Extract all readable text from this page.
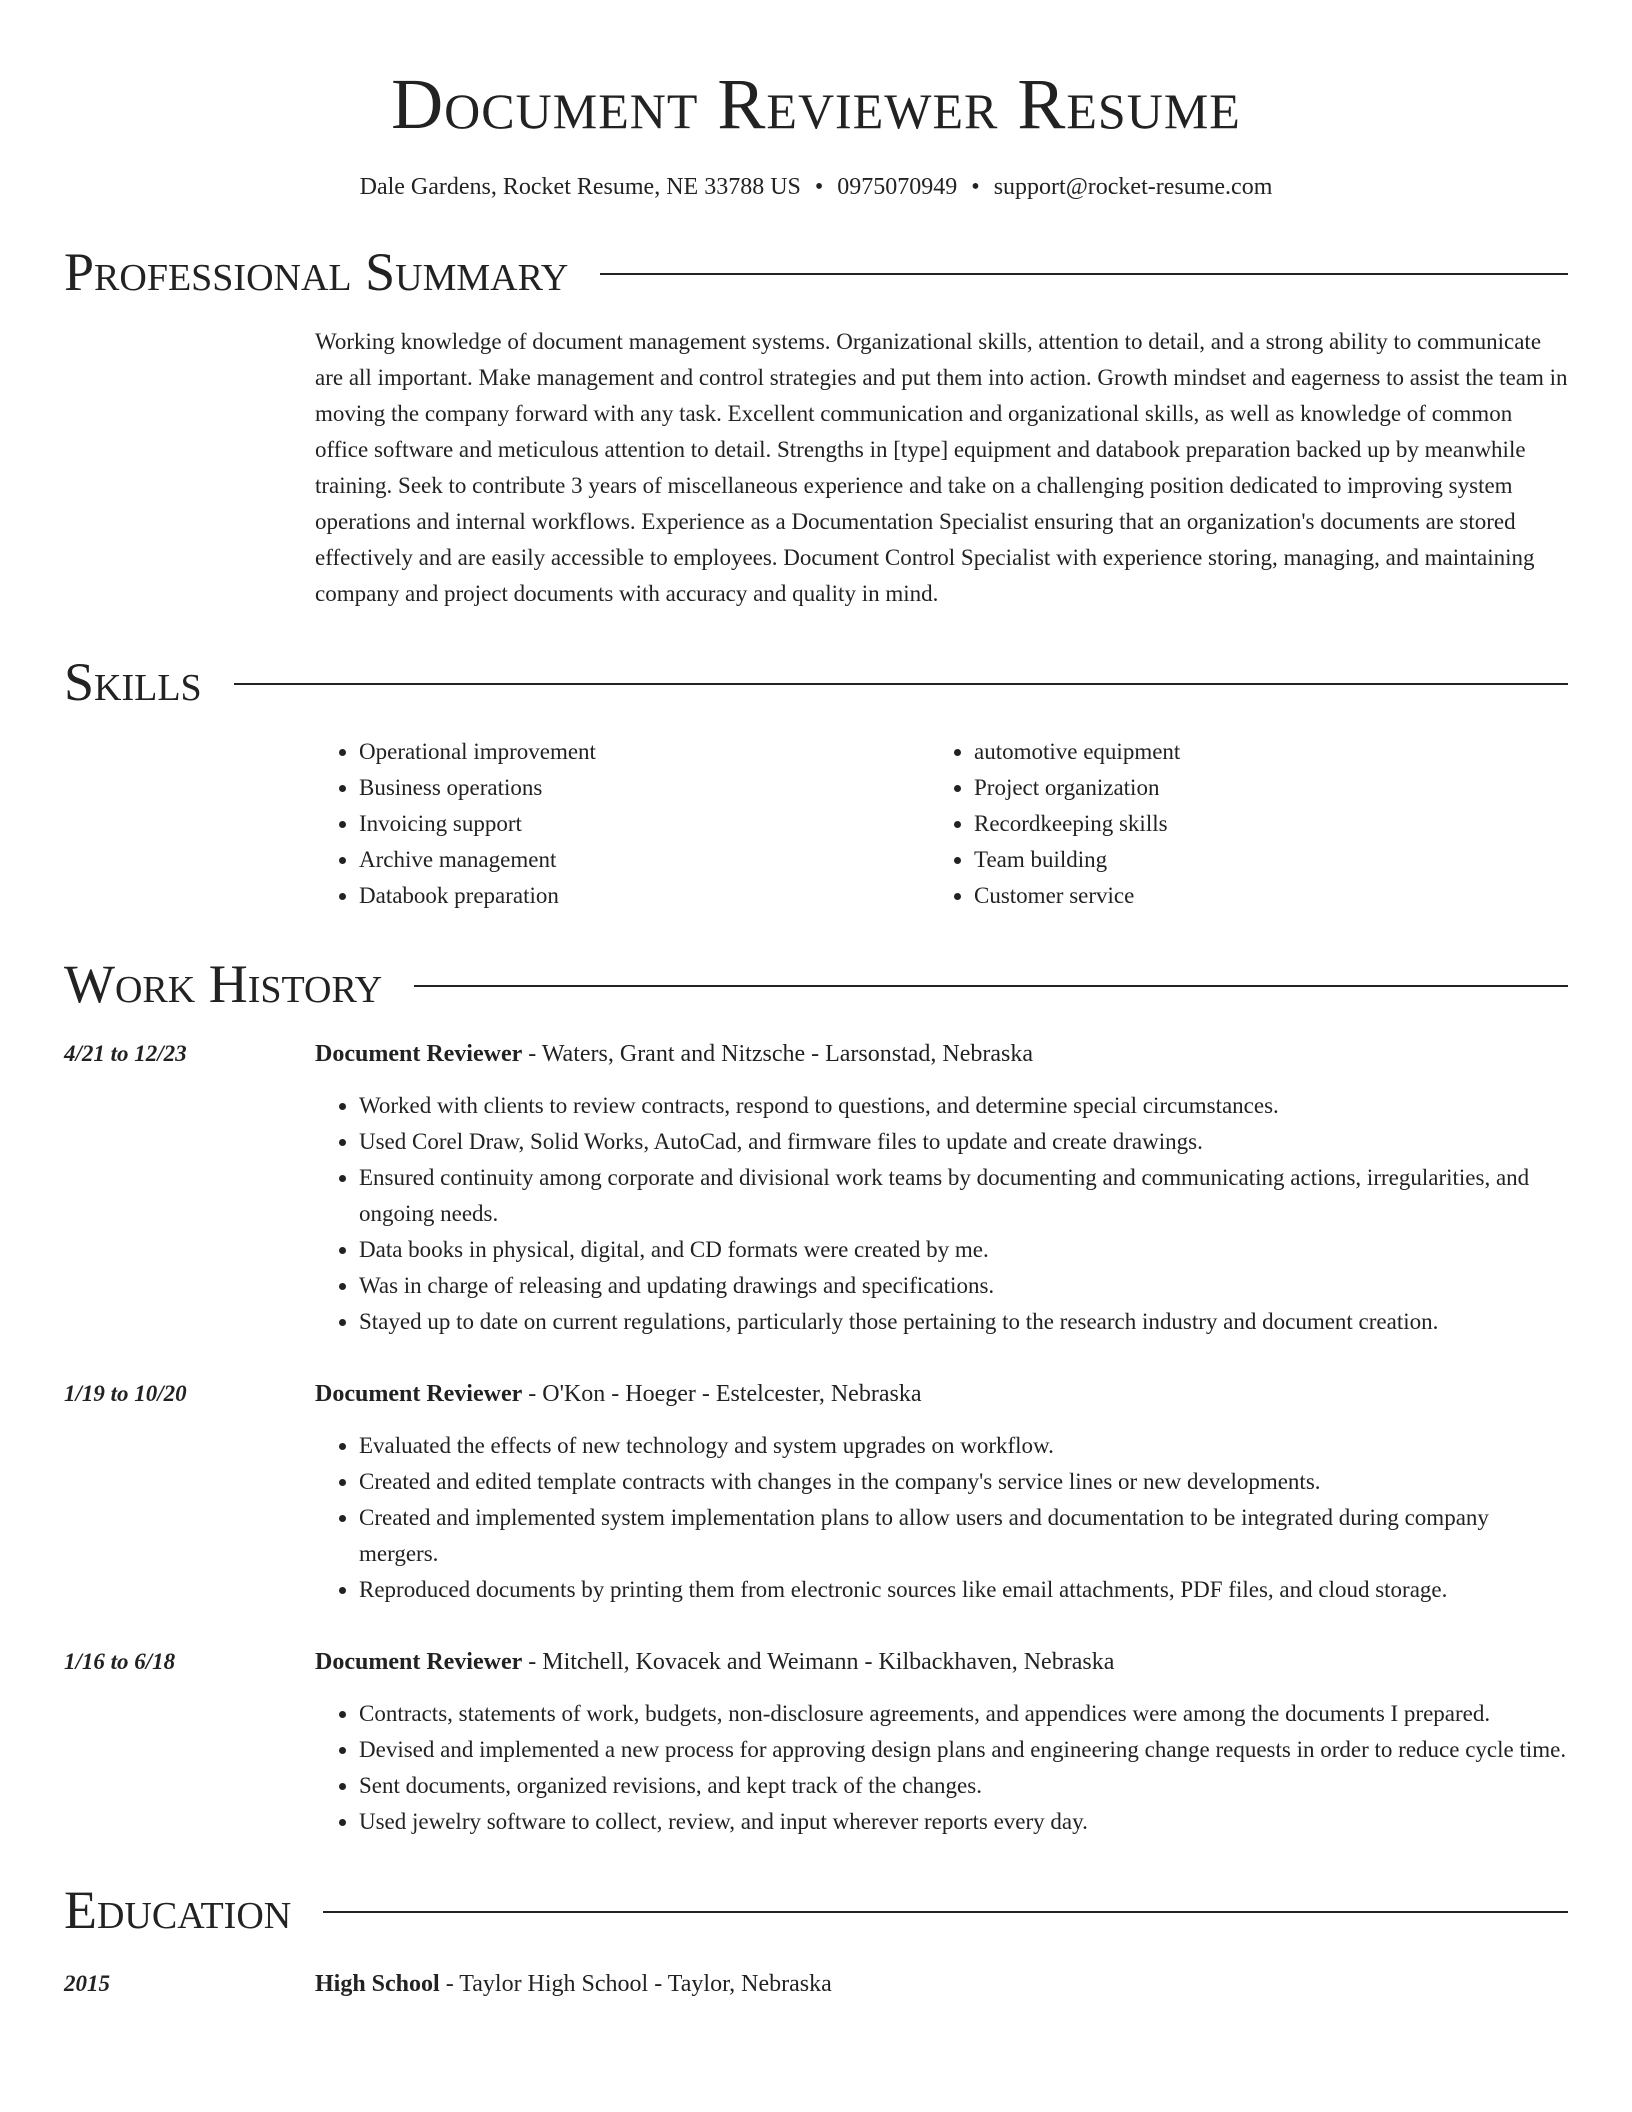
Document Reviewer Resume
Dale Gardens, Rocket Resume, NE 33788 US • 0975070949 • support@rocket-resume.com
Professional Summary
Working knowledge of document management systems. Organizational skills, attention to detail, and a strong ability to communicate are all important. Make management and control strategies and put them into action. Growth mindset and eagerness to assist the team in moving the company forward with any task. Excellent communication and organizational skills, as well as knowledge of common office software and meticulous attention to detail. Strengths in [type] equipment and databook preparation backed up by meanwhile training. Seek to contribute 3 years of miscellaneous experience and take on a challenging position dedicated to improving system operations and internal workflows. Experience as a Documentation Specialist ensuring that an organization's documents are stored effectively and are easily accessible to employees. Document Control Specialist with experience storing, managing, and maintaining company and project documents with accuracy and quality in mind.
Skills
• Operational improvement
• Business operations
• Invoicing support
• Archive management
• Databook preparation
• automotive equipment
• Project organization
• Recordkeeping skills
• Team building
• Customer service
Work History
4/21 to 12/23	Document Reviewer - Waters, Grant and Nitzsche - Larsonstad, Nebraska
• Worked with clients to review contracts, respond to questions, and determine special circumstances.
• Used Corel Draw, Solid Works, AutoCad, and firmware files to update and create drawings.
• Ensured continuity among corporate and divisional work teams by documenting and communicating actions, irregularities, and ongoing needs.
• Data books in physical, digital, and CD formats were created by me.
• Was in charge of releasing and updating drawings and specifications.
• Stayed up to date on current regulations, particularly those pertaining to the research industry and document creation.
1/19 to 10/20	Document Reviewer - O'Kon - Hoeger - Estelcester, Nebraska
• Evaluated the effects of new technology and system upgrades on workflow.
• Created and edited template contracts with changes in the company's service lines or new developments.
• Created and implemented system implementation plans to allow users and documentation to be integrated during company mergers.
• Reproduced documents by printing them from electronic sources like email attachments, PDF files, and cloud storage.
1/16 to 6/18	Document Reviewer - Mitchell, Kovacek and Weimann - Kilbackhaven, Nebraska
• Contracts, statements of work, budgets, non-disclosure agreements, and appendices were among the documents I prepared.
• Devised and implemented a new process for approving design plans and engineering change requests in order to reduce cycle time.
• Sent documents, organized revisions, and kept track of the changes.
• Used jewelry software to collect, review, and input wherever reports every day.
Education
2015	High School - Taylor High School - Taylor, Nebraska
